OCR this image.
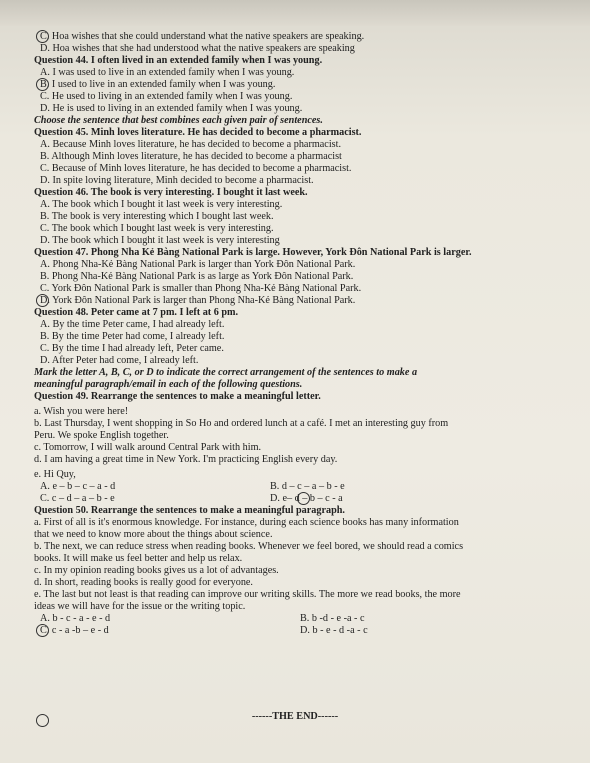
C. Hoa wishes that she could understand what the native speakers are speaking.
D. Hoa wishes that she had understood what the native speakers are speaking
Question 44. I often lived in an extended family when I was young.
A. I was used to live in an extended family when I was young.
B. I used to live in an extended family when I was young.
C. He used to living in an extended family when I was young.
D. He is used to living in an extended family when I was young.
Choose the sentence that best combines each given pair of sentences.
Question 45. Minh loves literature. He has decided to become a pharmacist.
A. Because Minh loves literature, he has decided to become a pharmacist.
B. Although Minh loves literature, he has decided to become a pharmacist
C. Because of Minh loves literature, he has decided to become a pharmacist.
D. In spite loving literature, Minh decided to become a pharmacist.
Question 46. The book is very interesting. I bought it last week.
A. The book which I bought it last week is very interesting.
B. The book is very interesting which I bought last week.
C. The book which I bought last week is very interesting.
D. The book which I bought it last week is very interesting
Question 47. Phong Nha Kẻ Bàng National Park is large. However, York Đôn National Park is larger.
A. Phong Nha-Kẻ Bàng National Park is larger than York Đôn National Park.
B. Phong Nha-Kẻ Bàng National Park is as large as York Đôn National Park.
C. York Đôn National Park is smaller than Phong Nha-Kẻ Bàng National Park.
D. York Đôn National Park is larger than Phong Nha-Kẻ Bàng National Park.
Question 48. Peter came at 7 pm. I left at 6 pm.
A. By the time Peter came, I had already left.
B. By the time Peter had come, I already left.
C. By the time I had already left, Peter came.
D. After Peter had come, I already left.
Mark the letter A, B, C, or D to indicate the correct arrangement of the sentences to make a
meaningful paragraph/email in each of the following questions.
Question 49. Rearrange the sentences to make a meaningful letter.
a. Wish you were here!
b. Last Thursday, I went shopping in So Ho and ordered lunch at a café. I met an interesting guy from
Peru. We spoke English together.
c. Tomorrow, I will walk around Central Park with him.
d. I am having a great time in New York. I'm practicing English every day.
e. Hi Quy,
A. e – b – c – a - d
C. c – d – a – b - e
Question 50. Rearrange the sentences to make a meaningful paragraph.
a. First of all is it's enormous knowledge. For instance, during each science books has many information
that we need to know more about the things about science.
b. The next, we can reduce stress when reading books. Whenever we feel bored, we should read a comics
books. It will make us feel better and help us relax.
c. In my opinion reading books gives us a lot of advantages.
d. In short, reading books is really good for everyone.
e. The last but not least is that reading can improve our writing skills. The more we read books, the more
ideas we will have for the issue or the writing topic.
A. b - c - a - e - d
C. c - a -b – e - d
B. d – c – a – b - e
D. e– d – b – c - a
B. b -d - e -a - c
D. b - e - d -a - c
------THE END------
